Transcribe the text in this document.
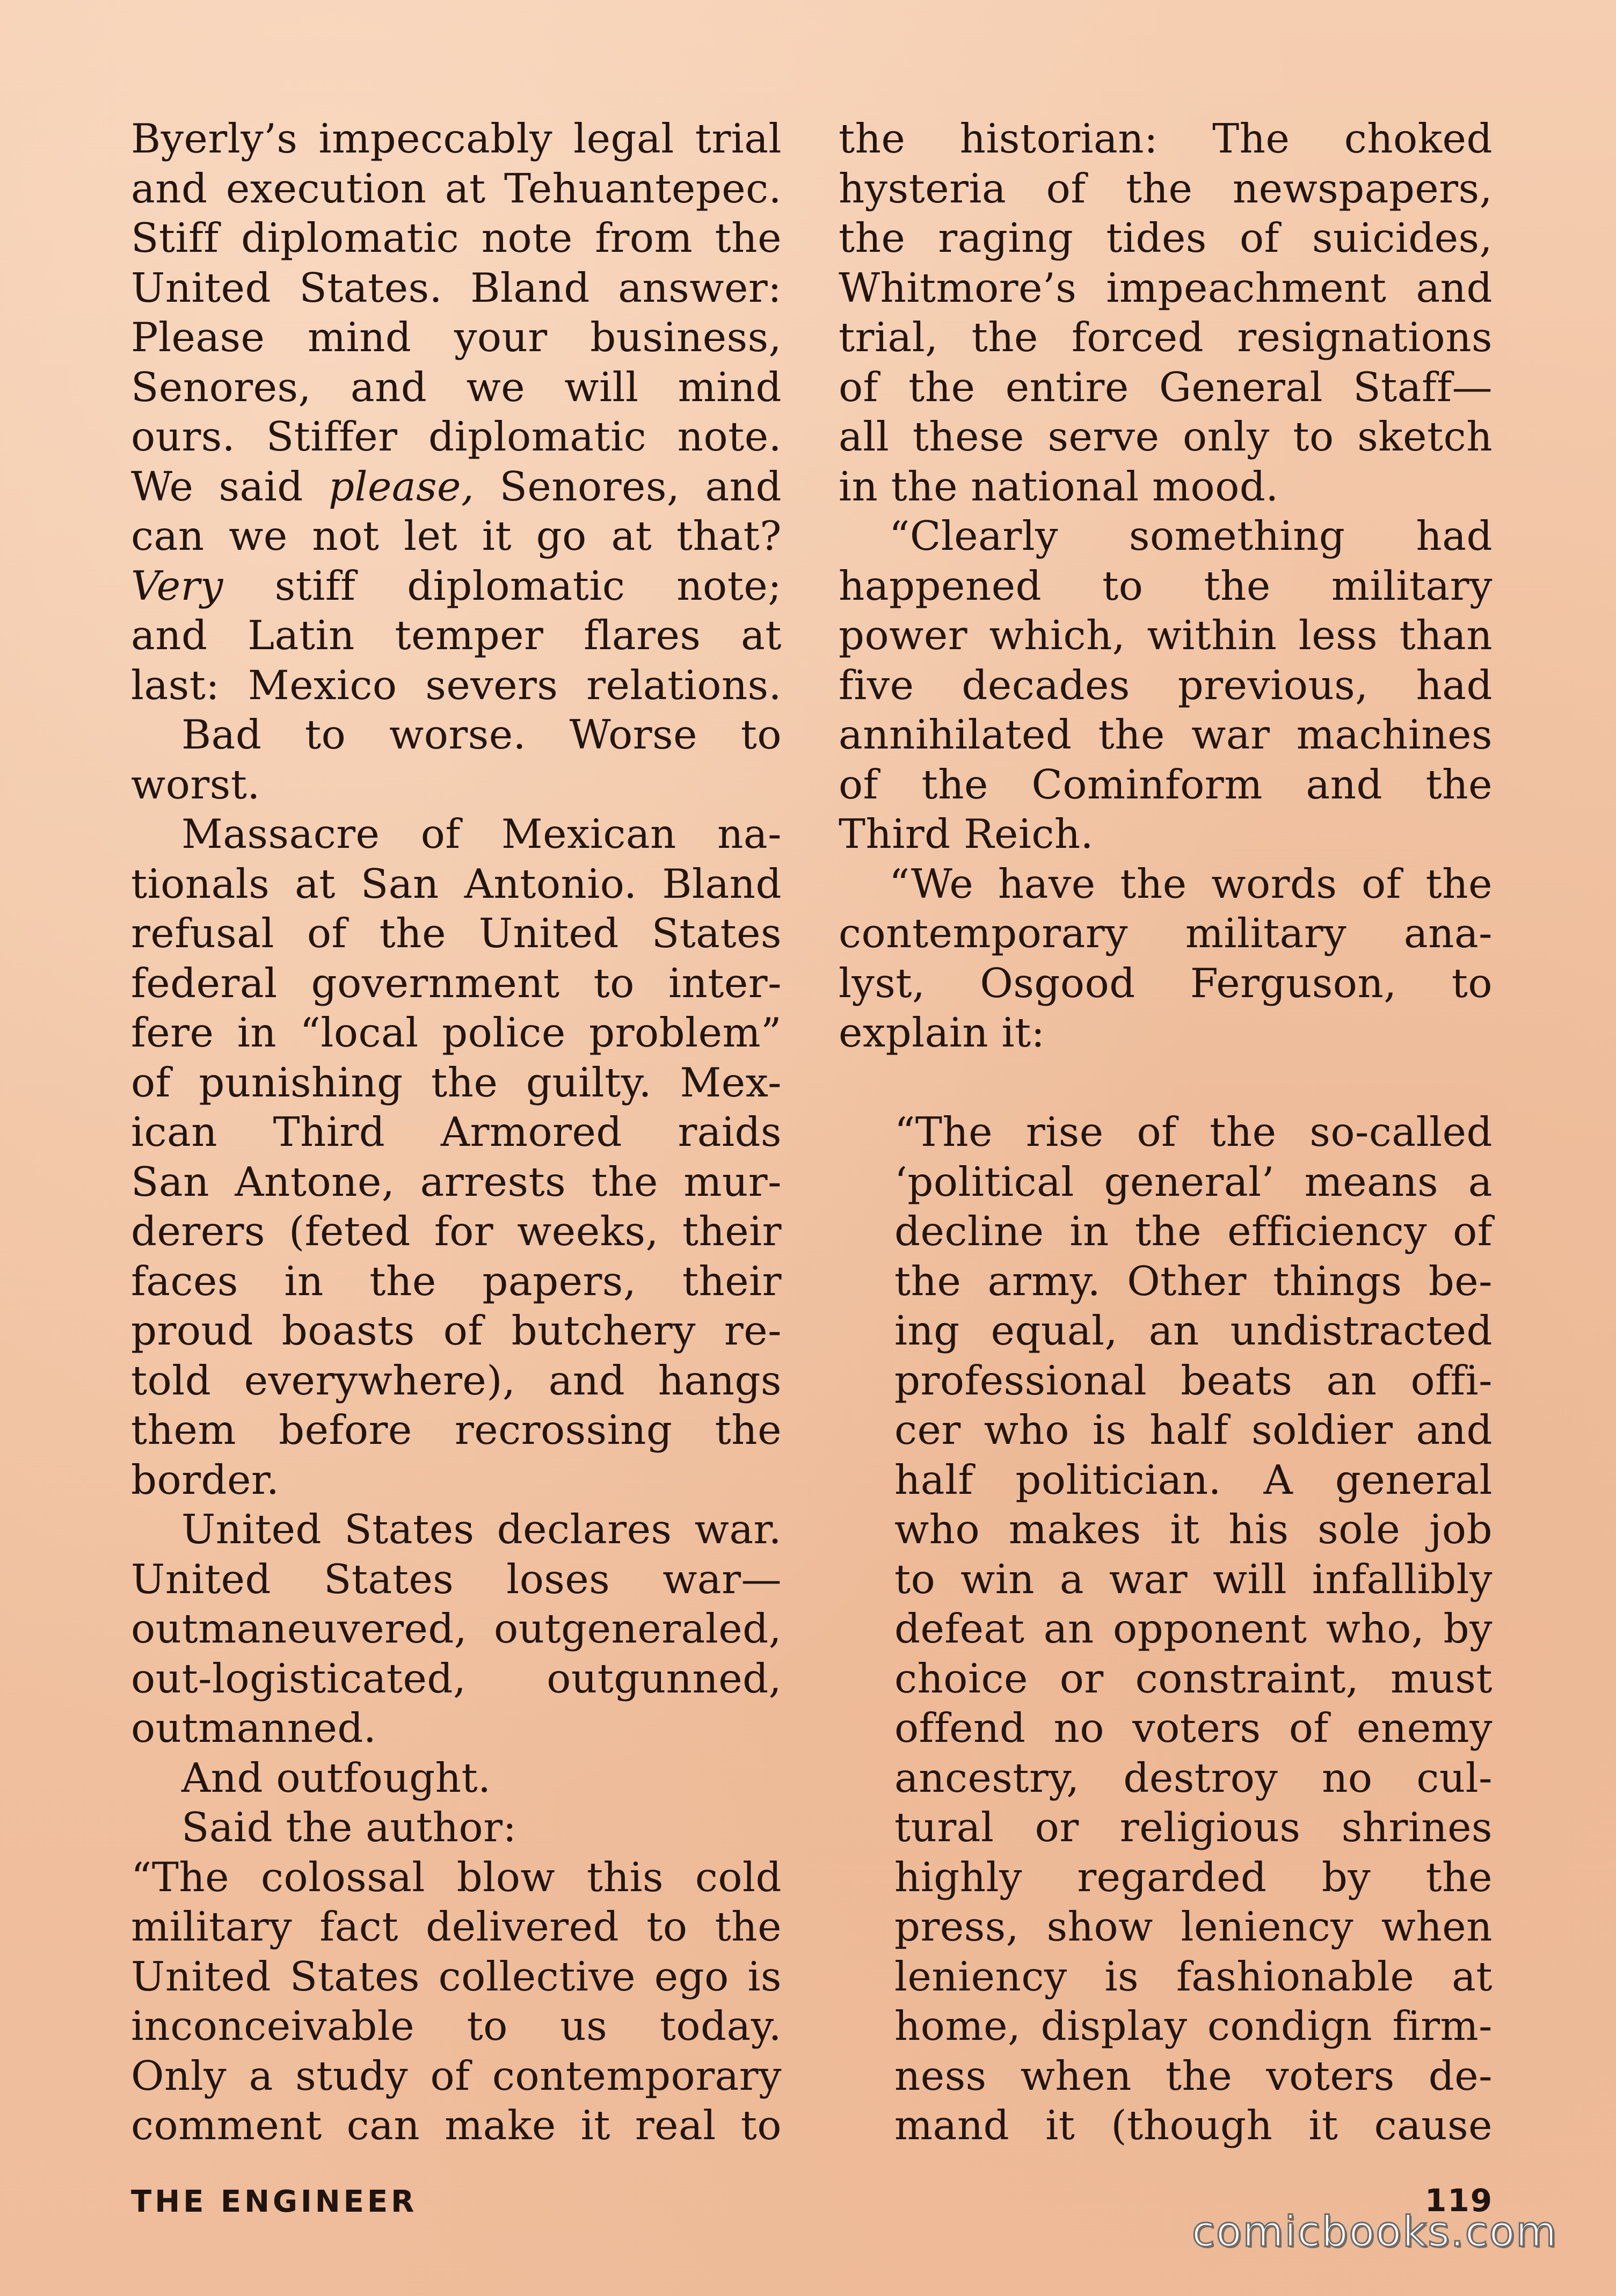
Byerly’s impeccably legal trial
and execution at Tehuantepec.
Stiff diplomatic note from the
United States. Bland answer:
Please mind your business,
Senores, and we will mind
ours. Stiffer diplomatic note.
We said please, Senores, and
can we not let it go at that?
Very stiff diplomatic note;
and Latin temper flares at
last: Mexico severs relations.
Bad to worse. Worse to
worst.
Massacre of Mexican na-
tionals at San Antonio. Bland
refusal of the United States
federal government to inter-
fere in “local police problem”
of punishing the guilty. Mex-
ican Third Armored raids
San Antone, arrests the mur-
derers (feted for weeks, their
faces in the papers, their
proud boasts of butchery re-
told everywhere), and hangs
them before recrossing the
border.
United States declares war.
United States loses war—
outmaneuvered, outgeneraled,
out-logisticated, outgunned,
outmanned.
And outfought.
Said the author:
“The colossal blow this cold
military fact delivered to the
United States collective ego is
inconceivable to us today.
Only a study of contemporary
comment can make it real to
the historian: The choked
hysteria of the newspapers,
the raging tides of suicides,
Whitmore’s impeachment and
trial, the forced resignations
of the entire General Staff—
all these serve only to sketch
in the national mood.
“Clearly something had
happened to the military
power which, within less than
five decades previous, had
annihilated the war machines
of the Cominform and the
Third Reich.
“We have the words of the
contemporary military ana-
lyst, Osgood Ferguson, to
explain it:
“The rise of the so-called
‘political general’ means a
decline in the efficiency of
the army. Other things be-
ing equal, an undistracted
professional beats an offi-
cer who is half soldier and
half politician. A general
who makes it his sole job
to win a war will infallibly
defeat an opponent who, by
choice or constraint, must
offend no voters of enemy
ancestry, destroy no cul-
tural or religious shrines
highly regarded by the
press, show leniency when
leniency is fashionable at
home, display condign firm-
ness when the voters de-
mand it (though it cause
THE ENGINEER	119
comicbooks.com
